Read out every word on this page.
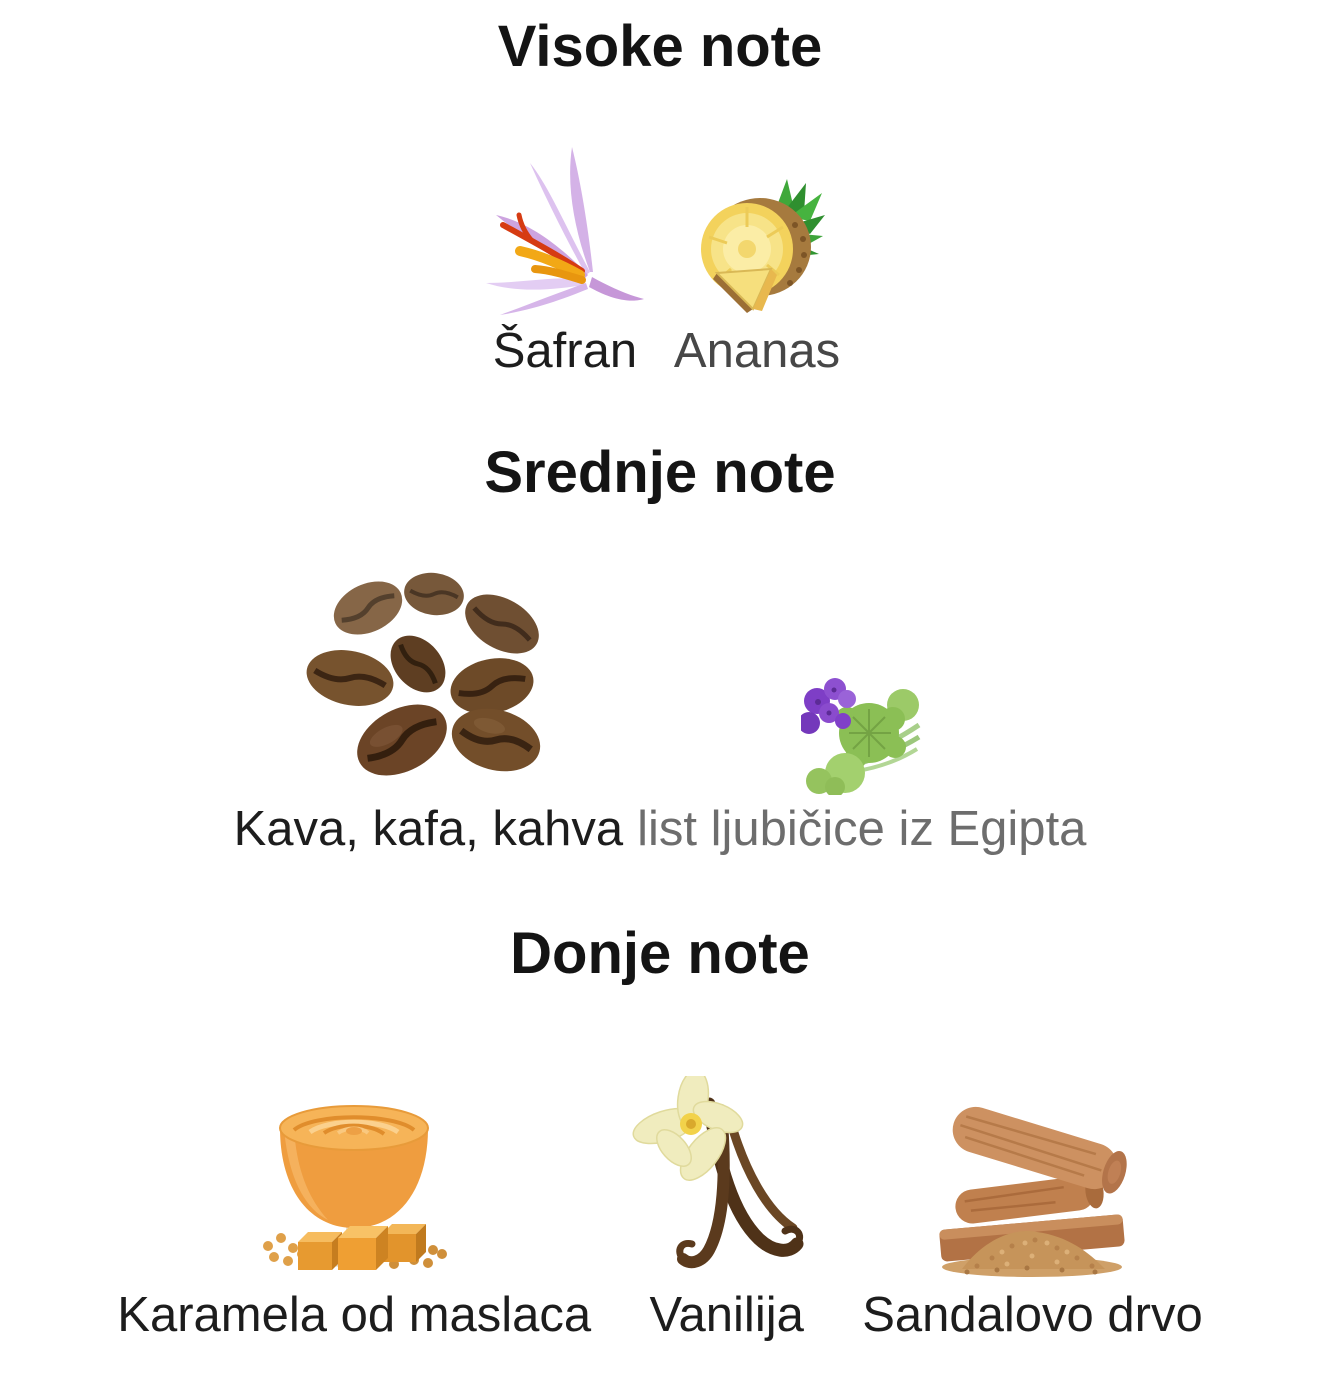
Visoke note
Šafran Ananas
Srednje note
Kava, kafa, kahva list ljubičice iz Egipta
Donje note
Karamela od maslaca Vanilija Sandalovo drvo
